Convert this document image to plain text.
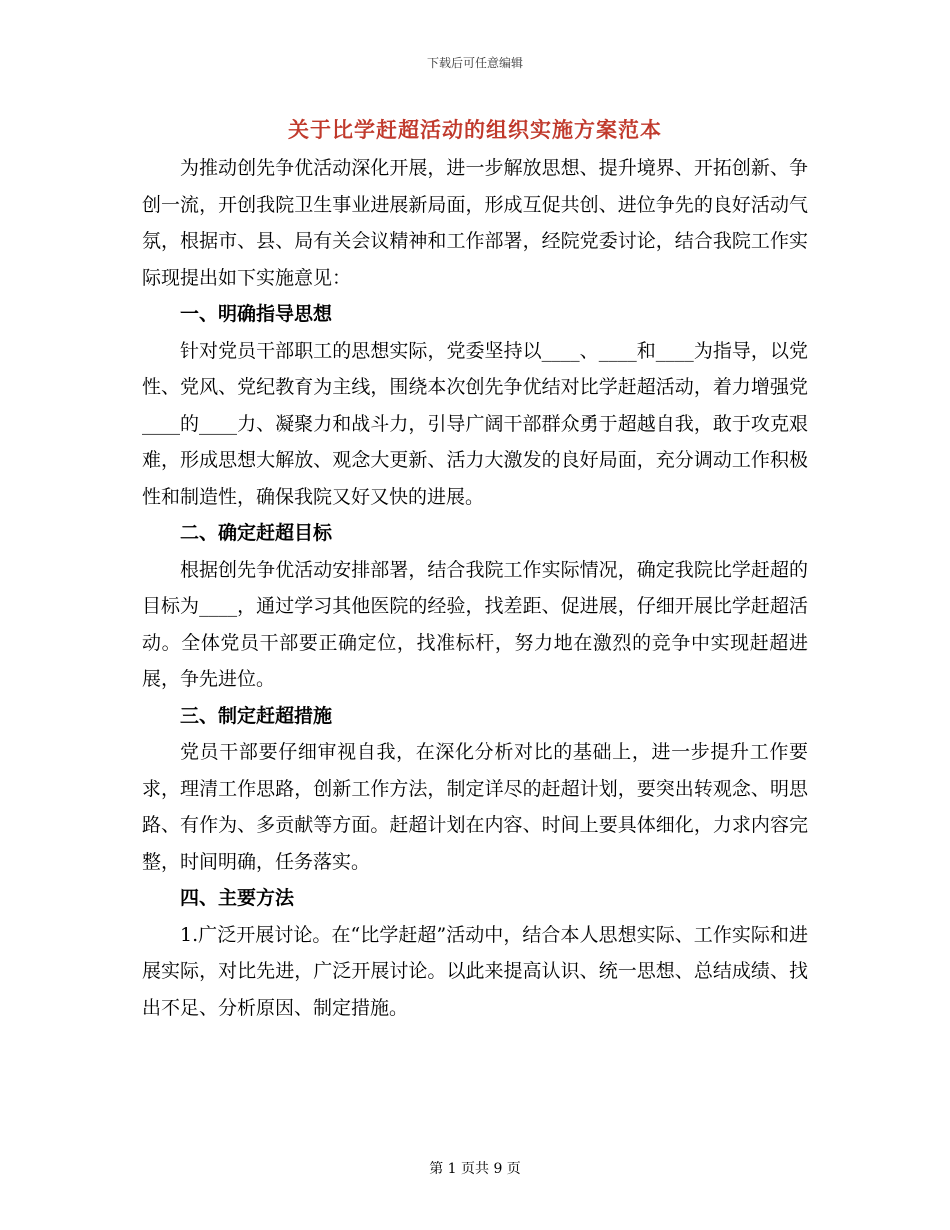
下载后可任意编辑
关于比学赶超活动的组织实施方案范本

为推动创先争优活动深化开展，进一步解放思想、提升境界、开拓创新、争创一流，开创我院卫生事业进展新局面，形成互促共创、进位争先的良好活动气氛，根据市、县、局有关会议精神和工作部署，经院党委讨论，结合我院工作实际现提出如下实施意见：

一、明确指导思想

针对党员干部职工的思想实际，党委坚持以____、____和____为指导，以党性、党风、党纪教育为主线，围绕本次创先争优结对比学赶超活动，着力增强党____的____力、凝聚力和战斗力，引导广阔干部群众勇于超越自我，敢于攻克艰难，形成思想大解放、观念大更新、活力大激发的良好局面，充分调动工作积极性和制造性，确保我院又好又快的进展。

二、确定赶超目标

根据创先争优活动安排部署，结合我院工作实际情况，确定我院比学赶超的目标为____，通过学习其他医院的经验，找差距、促进展，仔细开展比学赶超活动。全体党员干部要正确定位，找准标杆，努力地在激烈的竞争中实现赶超进展，争先进位。

三、制定赶超措施

党员干部要仔细审视自我，在深化分析对比的基础上，进一步提升工作要求，理清工作思路，创新工作方法，制定详尽的赶超计划，要突出转观念、明思路、有作为、多贡献等方面。赶超计划在内容、时间上要具体细化，力求内容完整，时间明确，任务落实。

四、主要方法

1.广泛开展讨论。在“比学赶超”活动中，结合本人思想实际、工作实际和进展实际，对比先进，广泛开展讨论。以此来提高认识、统一思想、总结成绩、找出不足、分析原因、制定措施。

第 1 页共 9 页
